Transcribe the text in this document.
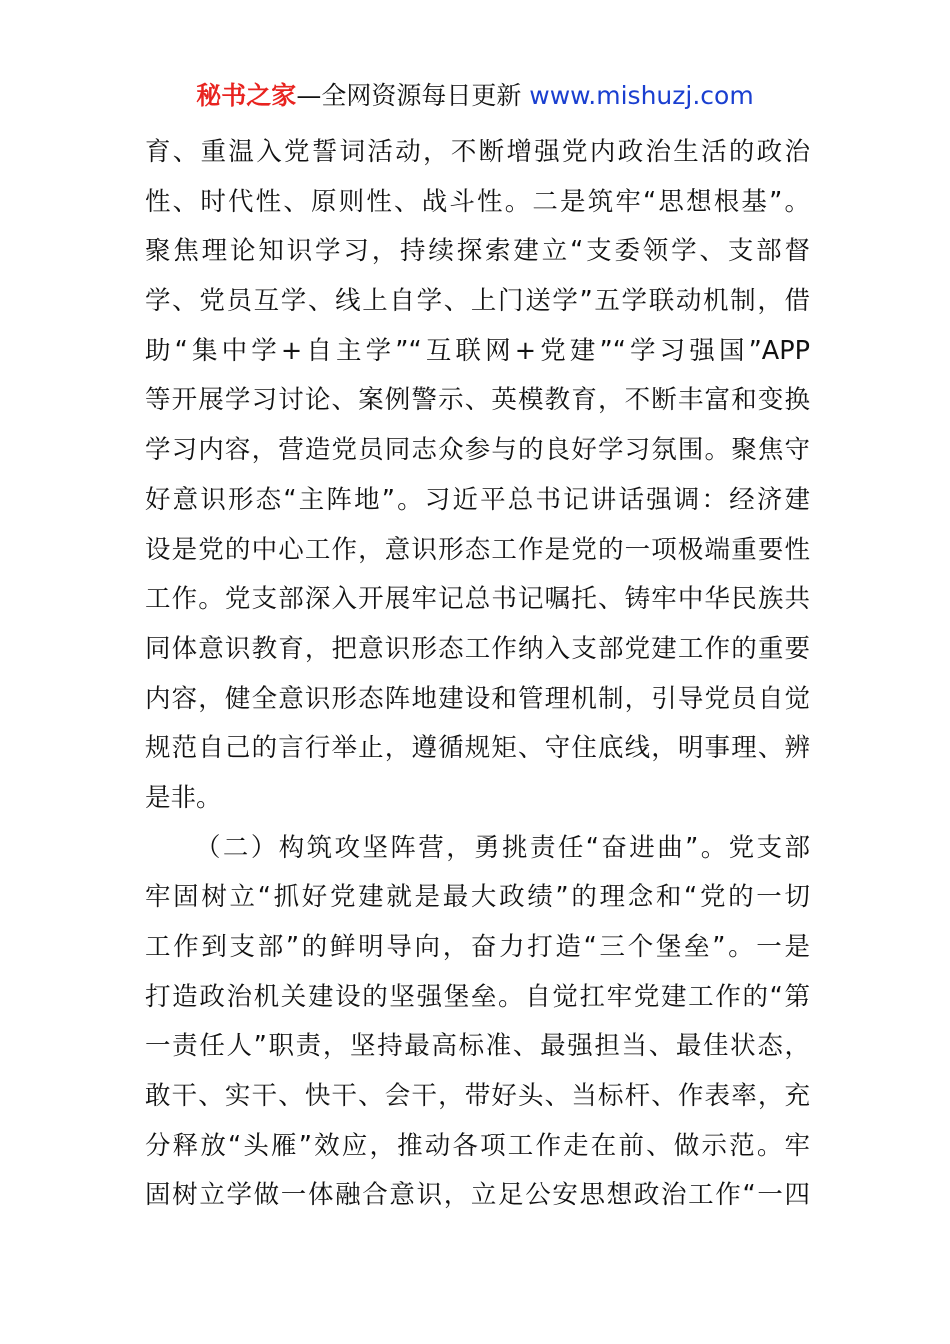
秘书之家—全网资源每日更新 www.mishuzj.com
育、重温入党誓词活动，不断增强党内政治生活的政治
性、时代性、原则性、战斗性。二是筑牢“思想根基”。
聚焦理论知识学习，持续探索建立“支委领学、支部督
学、党员互学、线上自学、上门送学”五学联动机制，借
助“集中学+自主学”“互联网+党建”“学习强国”APP
等开展学习讨论、案例警示、英模教育，不断丰富和变换
学习内容，营造党员同志众参与的良好学习氛围。聚焦守
好意识形态“主阵地”。习近平总书记讲话强调：经济建
设是党的中心工作，意识形态工作是党的一项极端重要性
工作。党支部深入开展牢记总书记嘱托、铸牢中华民族共
同体意识教育，把意识形态工作纳入支部党建工作的重要
内容，健全意识形态阵地建设和管理机制，引导党员自觉
规范自己的言行举止，遵循规矩、守住底线，明事理、辨
是非。
（二）构筑攻坚阵营，勇挑责任“奋进曲”。党支部
牢固树立“抓好党建就是最大政绩”的理念和“党的一切
工作到支部”的鲜明导向，奋力打造“三个堡垒”。一是
打造政治机关建设的坚强堡垒。自觉扛牢党建工作的“第
一责任人”职责，坚持最高标准、最强担当、最佳状态，
敢干、实干、快干、会干，带好头、当标杆、作表率，充
分释放“头雁”效应，推动各项工作走在前、做示范。牢
固树立学做一体融合意识，立足公安思想政治工作“一四
